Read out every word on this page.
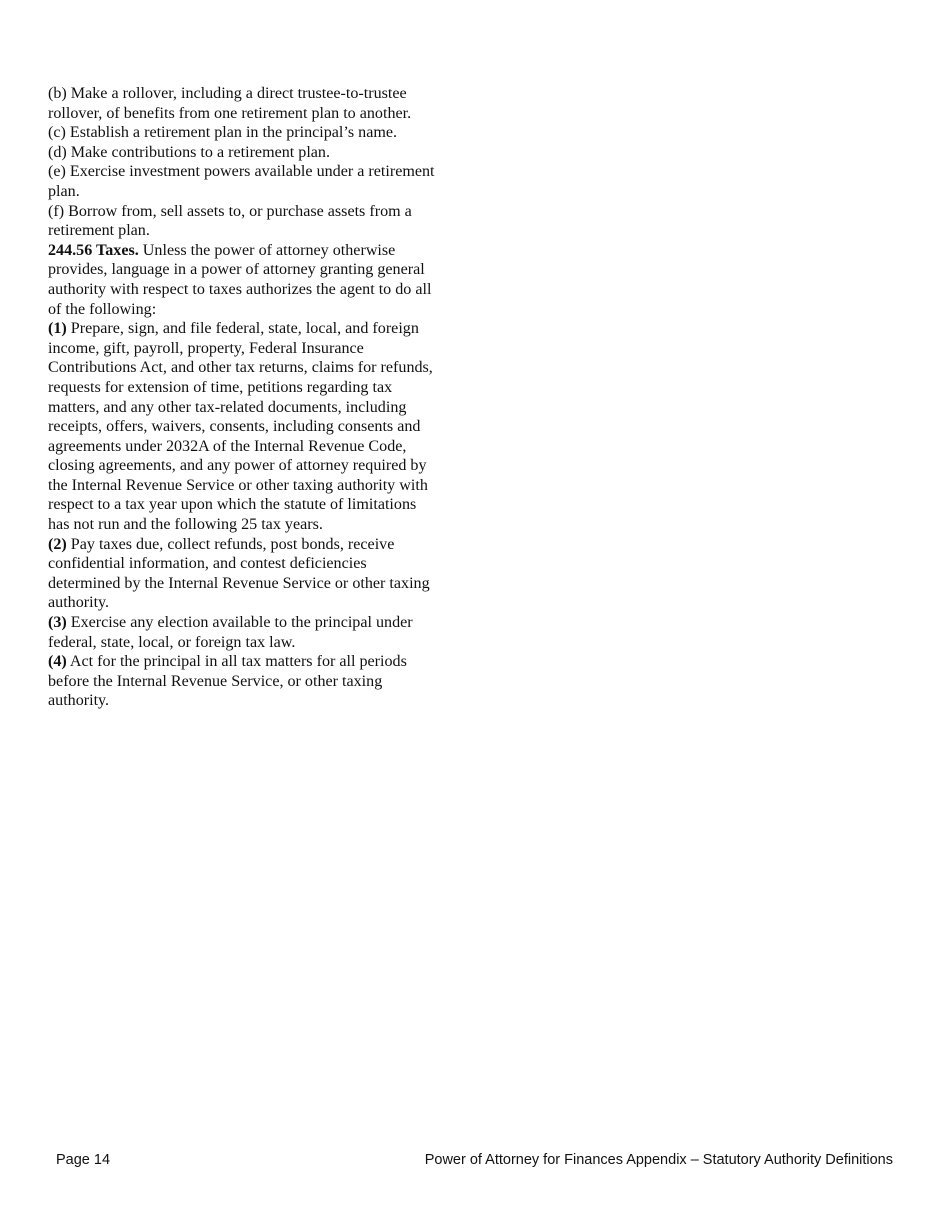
(b) Make a rollover, including a direct trustee-to-trustee rollover, of benefits from one retirement plan to another.

(c) Establish a retirement plan in the principal’s name.

(d) Make contributions to a retirement plan.

(e) Exercise investment powers available under a retirement plan.

(f) Borrow from, sell assets to, or purchase assets from a retirement plan.

244.56 Taxes. Unless the power of attorney otherwise provides, language in a power of attorney granting general authority with respect to taxes authorizes the agent to do all of the following:

(1) Prepare, sign, and file federal, state, local, and foreign income, gift, payroll, property, Federal Insurance Contributions Act, and other tax returns, claims for refunds, requests for extension of time, petitions regarding tax matters, and any other tax-related documents, including receipts, offers, waivers, consents, including consents and agreements under 2032A of the Internal Revenue Code, closing agreements, and any power of attorney required by the Internal Revenue Service or other taxing authority with respect to a tax year upon which the statute of limitations has not run and the following 25 tax years.

(2) Pay taxes due, collect refunds, post bonds, receive confidential information, and contest deficiencies determined by the Internal Revenue Service or other taxing authority.

(3) Exercise any election available to the principal under federal, state, local, or foreign tax law.

(4) Act for the principal in all tax matters for all periods before the Internal Revenue Service, or other taxing authority.

Page 14	Power of Attorney for Finances Appendix – Statutory Authority Definitions
